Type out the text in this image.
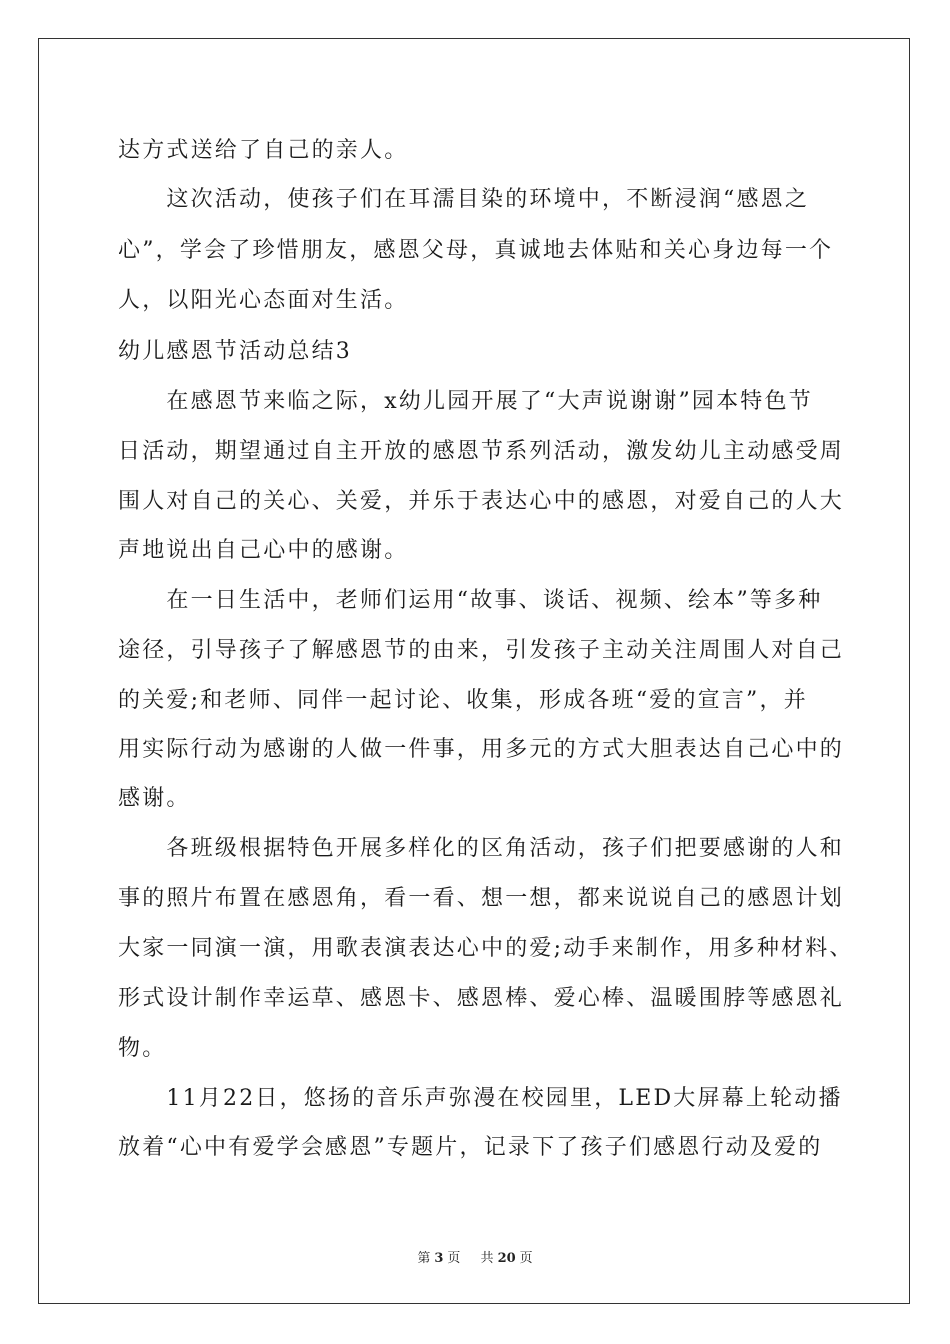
达方式送给了自己的亲人。
　　这次活动，使孩子们在耳濡目染的环境中，不断浸润“感恩之
心”，学会了珍惜朋友，感恩父母，真诚地去体贴和关心身边每一个
人，以阳光心态面对生活。
幼儿感恩节活动总结3
　　在感恩节来临之际，x幼儿园开展了“大声说谢谢”园本特色节
日活动，期望通过自主开放的感恩节系列活动，激发幼儿主动感受周
围人对自己的关心、关爱，并乐于表达心中的感恩，对爱自己的人大
声地说出自己心中的感谢。
　　在一日生活中，老师们运用“故事、谈话、视频、绘本”等多种
途径，引导孩子了解感恩节的由来，引发孩子主动关注周围人对自己
的关爱;和老师、同伴一起讨论、收集，形成各班“爱的宣言”，并
用实际行动为感谢的人做一件事，用多元的方式大胆表达自己心中的
感谢。
　　各班级根据特色开展多样化的区角活动，孩子们把要感谢的人和
事的照片布置在感恩角，看一看、想一想，都来说说自己的感恩计划
大家一同演一演，用歌表演表达心中的爱;动手来制作，用多种材料、
形式设计制作幸运草、感恩卡、感恩棒、爱心棒、温暖围脖等感恩礼
物。
　　11月22日，悠扬的音乐声弥漫在校园里，LED大屏幕上轮动播
放着“心中有爱学会感恩”专题片，记录下了孩子们感恩行动及爱的
第 3 页 共 20 页
